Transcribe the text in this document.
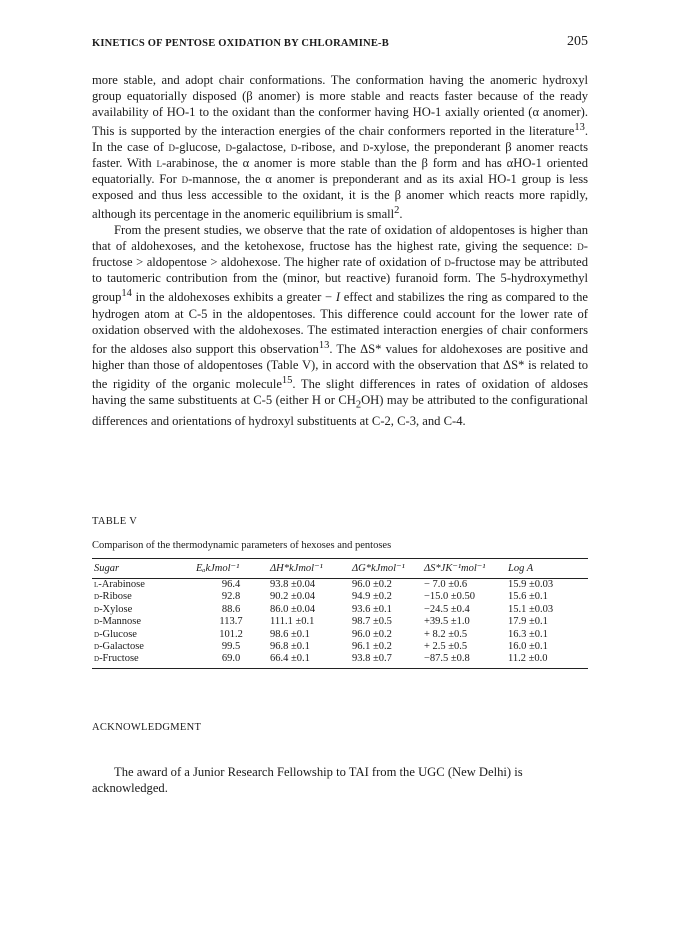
KINETICS OF PENTOSE OXIDATION BY CHLORAMINE-B	205

more stable, and adopt chair conformations. The conformation having the anomeric hydroxyl group equatorially disposed (β anomer) is more stable and reacts faster because of the ready availability of HO-1 to the oxidant than the conformer having HO-1 axially oriented (α anomer). This is supported by the interaction energies of the chair conformers reported in the literature$^{13}$. In the case of d-glucose, d-galactose, d-ribose, and d-xylose, the preponderant β anomer reacts faster. With l-arabinose, the α anomer is more stable than the β form and has αHO-1 oriented equatorially. For d-mannose, the α anomer is preponderant and as its axial HO-1 group is less exposed and thus less accessible to the oxidant, it is the β anomer which reacts more rapidly, although its percentage in the anomeric equilibrium is small$^2$.

From the present studies, we observe that the rate of oxidation of aldopentoses is higher than that of aldohexoses, and the ketohexose, fructose has the highest rate, giving the sequence: d-fructose > aldopentose > aldohexose. The higher rate of oxidation of d-fructose may be attributed to tautomeric contribution from the (minor, but reactive) furanoid form. The 5-hydroxymethyl group$^{14}$ in the aldohexoses exhibits a greater − I effect and stabilizes the ring as compared to the hydrogen atom at C-5 in the aldopentoses. This difference could account for the lower rate of oxidation observed with the aldohexoses. The estimated interaction energies of chair conformers for the aldoses also support this observation$^{13}$. The ΔS* values for aldohexoses are positive and higher than those of aldopentoses (Table V), in accord with the observation that ΔS* is related to the rigidity of the organic molecule$^{15}$. The slight differences in rates of oxidation of aldoses having the same substituents at C-5 (either H or $CH_2OH$) may be attributed to the configurational differences and orientations of hydroxyl substituents at C-2, C-3, and C-4.

TABLE V
Comparison of the thermodynamic parameters of hexoses and pentoses
Sugar	EₐkJmol⁻¹	ΔH*kJmol⁻¹	ΔG*kJmol⁻¹	ΔS*JK⁻¹mol⁻¹	Log A
l-Arabinose	96.4	93.8 ±0.04	96.0 ±0.2	− 7.0 ±0.6	15.9 ±0.03
d-Ribose	92.8	90.2 ±0.04	94.9 ±0.2	−15.0 ±0.50	15.6 ±0.1
d-Xylose	88.6	86.0 ±0.04	93.6 ±0.1	−24.5 ±0.4	15.1 ±0.03
d-Mannose	113.7	111.1 ±0.1	98.7 ±0.5	+39.5 ±1.0	17.9 ±0.1
d-Glucose	101.2	98.6 ±0.1	96.0 ±0.2	+ 8.2 ±0.5	16.3 ±0.1
d-Galactose	99.5	96.8 ±0.1	96.1 ±0.2	+ 2.5 ±0.5	16.0 ±0.1
d-Fructose	69.0	66.4 ±0.1	93.8 ±0.7	−87.5 ±0.8	11.2 ±0.0
ACKNOWLEDGMENT

The award of a Junior Research Fellowship to TAI from the UGC (New Delhi) is acknowledged.
